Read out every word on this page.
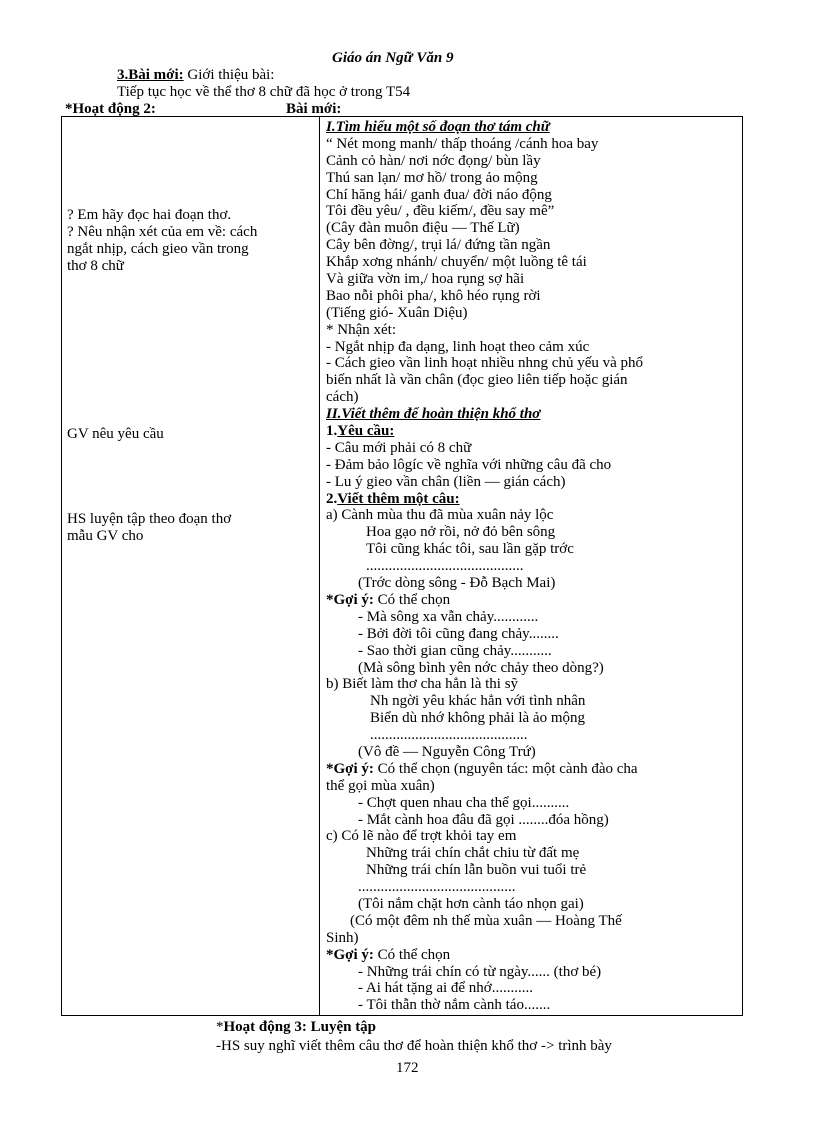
Giáo án Ngữ Văn 9
3.Bài mới: Giới thiệu bài:
Tiếp tục học về thể thơ 8 chữ đã học ở trong T54
*Hoạt động 2:	Bài mới:
? Em hãy đọc hai đoạn thơ.
? Nêu nhận xét của em về: cách
ngắt nhịp, cách gieo vần trong
thơ 8 chữ
GV nêu yêu cầu
HS luyện tập theo đoạn thơ
mẫu GV cho
I.Tìm hiểu một số đoạn thơ tám chữ
“ Nét mong manh/ thấp thoáng /cánh hoa bay
Cảnh cỏ hàn/ nơi nớc đọng/ bùn lầy
Thú san lạn/ mơ hồ/ trong ảo mộng
Chí hăng hái/ ganh đua/ đời náo động
Tôi đều yêu/ , đều kiếm/, đều say mê”
(Cây đàn muôn điệu — Thế Lữ)
Cây bên đờng/, trụi lá/ đứng tần ngần
Khắp xơng nhánh/ chuyển/ một luồng tê tái
Và giữa vờn im,/ hoa rụng sợ hãi
Bao nỗi phôi pha/, khô héo rụng rời
(Tiếng gió- Xuân Diệu)
* Nhận xét:
- Ngắt nhịp đa dạng, linh hoạt theo cảm xúc
- Cách gieo vần linh hoạt nhiều nhng chủ yếu và phổ
biến nhất là vần chân (đọc gieo liên tiếp hoặc gián
cách)
II.Viết thêm để hoàn thiện khổ thơ
1.Yêu cầu:
- Câu mới phải có 8 chữ
- Đảm bảo lôgíc về nghĩa với những câu đã cho
- Lu ý gieo vần chân (liền — gián cách)
2.Viết thêm một câu:
a) Cành mùa thu đã mùa xuân nảy lộc
Hoa gạo nở rồi, nở đỏ bên sông
Tôi cũng khác tôi, sau lần gặp trớc
..........................................
(Trớc dòng sông - Đỗ Bạch Mai)
*Gợi ý: Có thể chọn
- Mà sông xa vẫn chảy............
- Bởi đời tôi cũng đang chảy........
- Sao thời gian cũng chảy...........
(Mà sông bình yên nớc chảy theo dòng?)
b) Biết làm thơ cha hẳn là thi sỹ
Nh ngời yêu khác hẳn với tình nhân
Biển dù nhớ không phải là ảo mộng
..........................................
(Vô đề — Nguyễn Công Trứ)
*Gợi ý: Có thể chọn (nguyên tác: một cành đào cha
thể gọi mùa xuân)
- Chợt quen nhau cha thể gọi..........
- Mắt cành hoa đâu đã gọi ........đóa hồng)
c) Có lẽ nào để trợt khỏi tay em
Những trái chín chắt chiu từ đất mẹ
Những trái chín lẫn buồn vui tuổi trẻ
..........................................
(Tôi nắm chặt hơn cành táo nhọn gai)
(Có một đêm nh thế mùa xuân — Hoàng Thế
Sinh)
*Gợi ý: Có thể chọn
- Những trái chín có từ ngày...... (thơ bé)
- Ai hát tặng ai để nhớ...........
- Tôi thẫn thờ nắm cành táo.......
*Hoạt động 3: Luyện tập
-HS suy nghĩ viết thêm câu thơ để hoàn thiện khổ thơ -> trình bày
172
